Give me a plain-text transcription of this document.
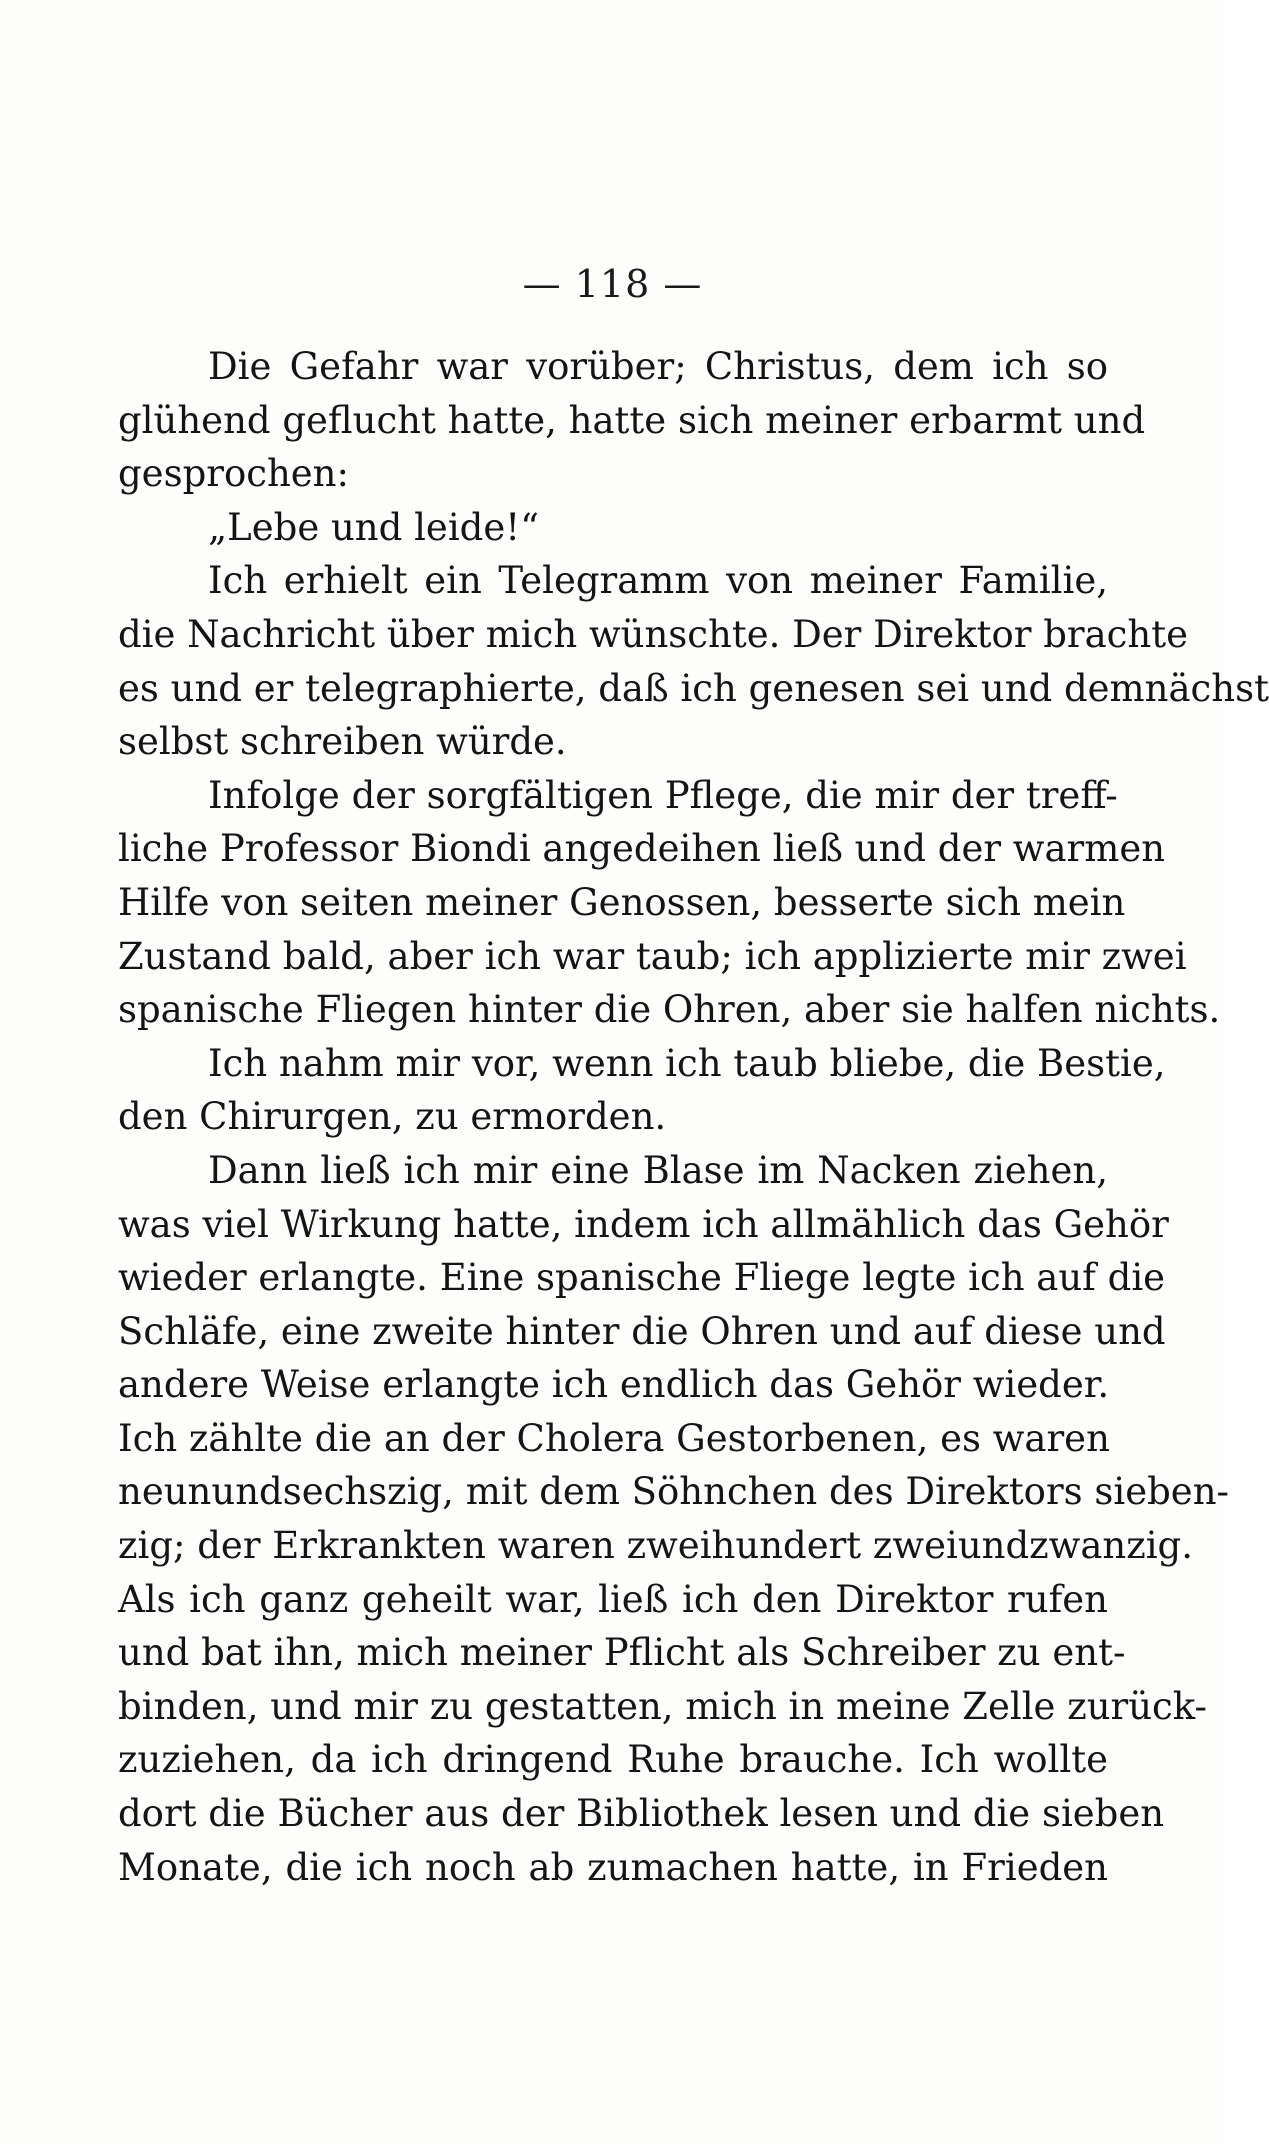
— 118 —
Die Gefahr war vorüber; Christus, dem ich so
glühend geflucht hatte, hatte sich meiner erbarmt und
gesprochen:
„Lebe und leide!“
Ich erhielt ein Telegramm von meiner Familie,
die Nachricht über mich wünschte. Der Direktor brachte
es und er telegraphierte, daß ich genesen sei und demnächst
selbst schreiben würde.
Infolge der sorgfältigen Pflege, die mir der treff-
liche Professor Biondi angedeihen ließ und der warmen
Hilfe von seiten meiner Genossen, besserte sich mein
Zustand bald, aber ich war taub; ich applizierte mir zwei
spanische Fliegen hinter die Ohren, aber sie halfen nichts.
Ich nahm mir vor, wenn ich taub bliebe, die Bestie,
den Chirurgen, zu ermorden.
Dann ließ ich mir eine Blase im Nacken ziehen,
was viel Wirkung hatte, indem ich allmählich das Gehör
wieder erlangte. Eine spanische Fliege legte ich auf die
Schläfe, eine zweite hinter die Ohren und auf diese und
andere Weise erlangte ich endlich das Gehör wieder.
Ich zählte die an der Cholera Gestorbenen, es waren
neunundsechszig, mit dem Söhnchen des Direktors sieben-
zig; der Erkrankten waren zweihundert zweiundzwanzig.
Als ich ganz geheilt war, ließ ich den Direktor rufen
und bat ihn, mich meiner Pflicht als Schreiber zu ent-
binden, und mir zu gestatten, mich in meine Zelle zurück-
zuziehen, da ich dringend Ruhe brauche. Ich wollte
dort die Bücher aus der Bibliothek lesen und die sieben
Monate, die ich noch ab zumachen hatte, in Frieden
